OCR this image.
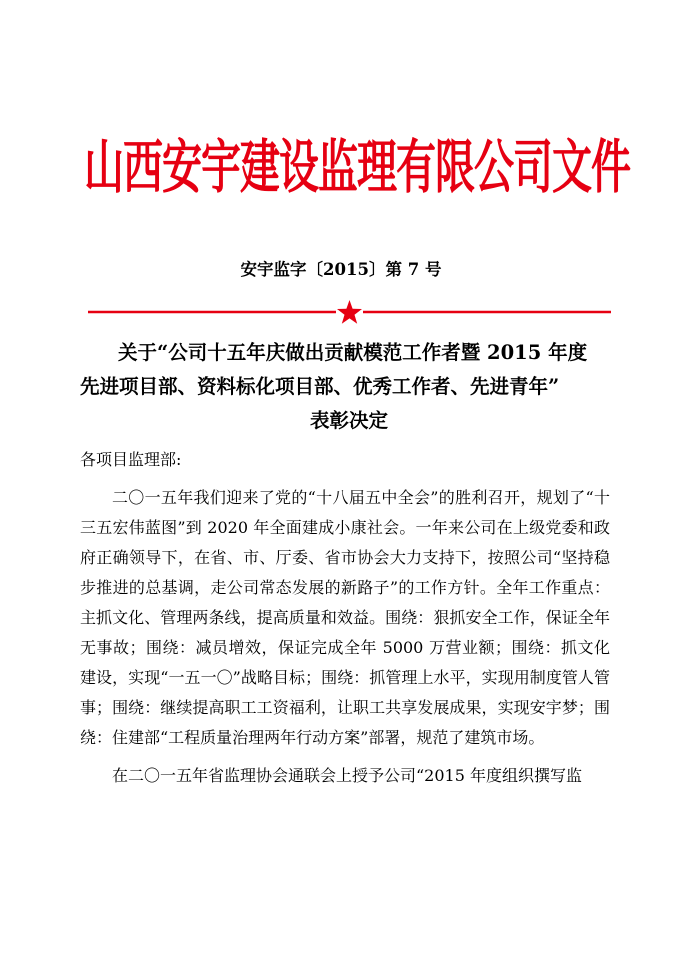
山西安宇建设监理有限公司文件
安宇监字〔2015〕第 7 号
关于“公司十五年庆做出贡献模范工作者暨 2015 年度
先进项目部、资料标化项目部、优秀工作者、先进青年”
表彰决定

各项目监理部:

二〇一五年我们迎来了党的“十八届五中全会”的胜利召开，规划了“十三五宏伟蓝图”到 2020 年全面建成小康社会。一年来公司在上级党委和政府正确领导下，在省、市、厅委、省市协会大力支持下，按照公司“坚持稳步推进的总基调，走公司常态发展的新路子”的工作方针。全年工作重点：主抓文化、管理两条线，提高质量和效益。围绕：狠抓安全工作，保证全年无事故；围绕：减员增效，保证完成全年 5000 万营业额；围绕：抓文化建设，实现“一五一〇”战略目标；围绕：抓管理上水平，实现用制度管人管事；围绕：继续提高职工工资福利，让职工共享发展成果，实现安宇梦；围绕：住建部“工程质量治理两年行动方案”部署，规范了建筑市场。

在二〇一五年省监理协会通联会上授予公司“2015 年度组织撰写监
